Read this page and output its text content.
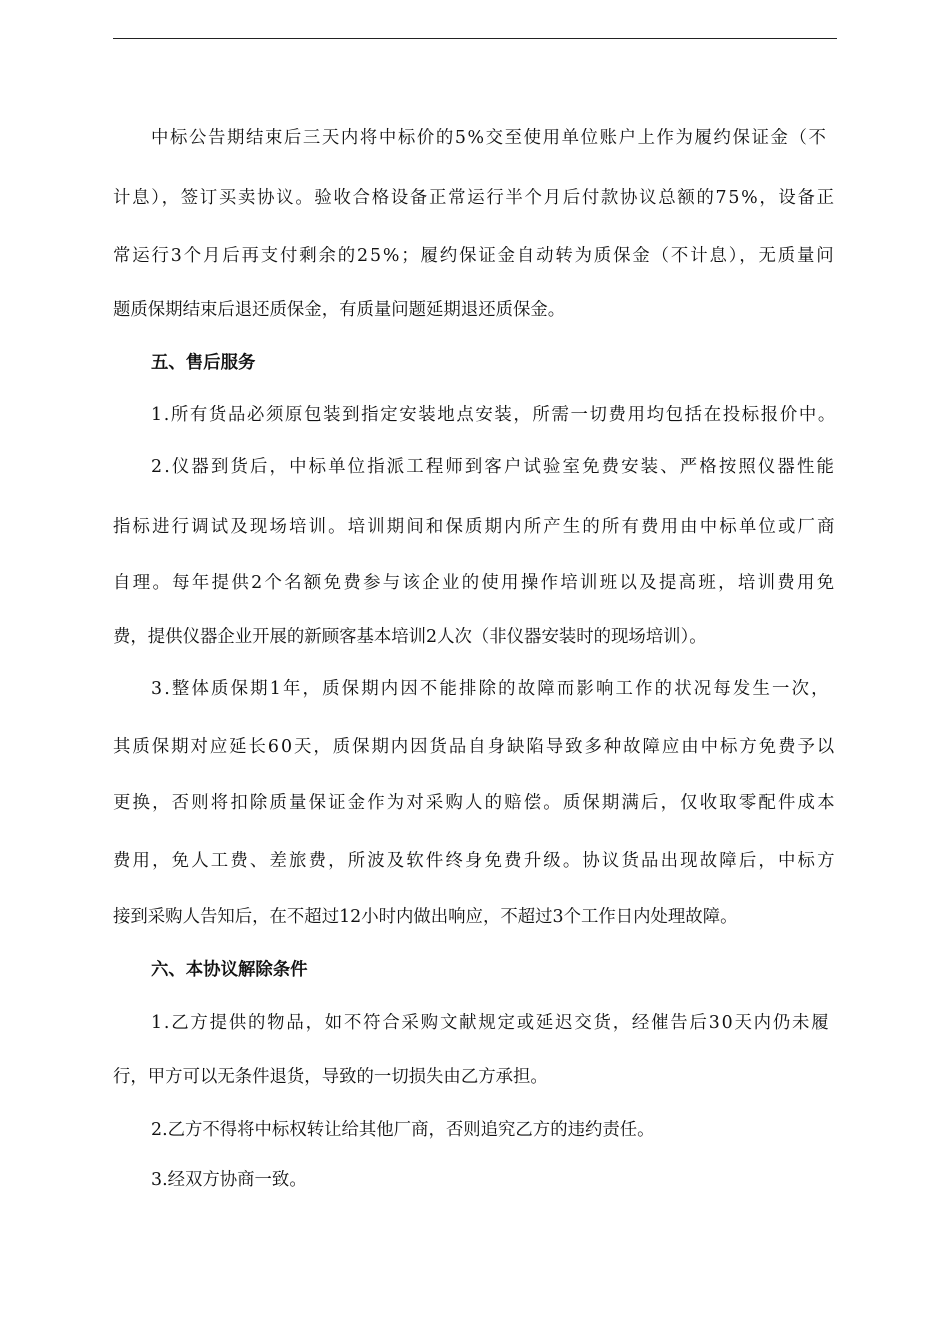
中标公告期结束后三天内将中标价的5%交至使用单位账户上作为履约保证金（不
计息），签订买卖协议。验收合格设备正常运行半个月后付款协议总额的75%，设备正
常运行3个月后再支付剩余的25%；履约保证金自动转为质保金（不计息），无质量问
题质保期结束后退还质保金，有质量问题延期退还质保金。
五、售后服务
1.所有货品必须原包装到指定安装地点安装，所需一切费用均包括在投标报价中。
2.仪器到货后，中标单位指派工程师到客户试验室免费安装、严格按照仪器性能
指标进行调试及现场培训。培训期间和保质期内所产生的所有费用由中标单位或厂商
自理。每年提供2个名额免费参与该企业的使用操作培训班以及提高班，培训费用免
费，提供仪器企业开展的新顾客基本培训2人次（非仪器安装时的现场培训）。
3.整体质保期1年，质保期内因不能排除的故障而影响工作的状况每发生一次，
其质保期对应延长60天，质保期内因货品自身缺陷导致多种故障应由中标方免费予以
更换，否则将扣除质量保证金作为对采购人的赔偿。质保期满后，仅收取零配件成本
费用，免人工费、差旅费，所波及软件终身免费升级。协议货品出现故障后，中标方
接到采购人告知后，在不超过12小时内做出响应，不超过3个工作日内处理故障。
六、本协议解除条件
1.乙方提供的物品，如不符合采购文献规定或延迟交货，经催告后30天内仍未履
行，甲方可以无条件退货，导致的一切损失由乙方承担。
2.乙方不得将中标权转让给其他厂商，否则追究乙方的违约责任。
3.经双方协商一致。
